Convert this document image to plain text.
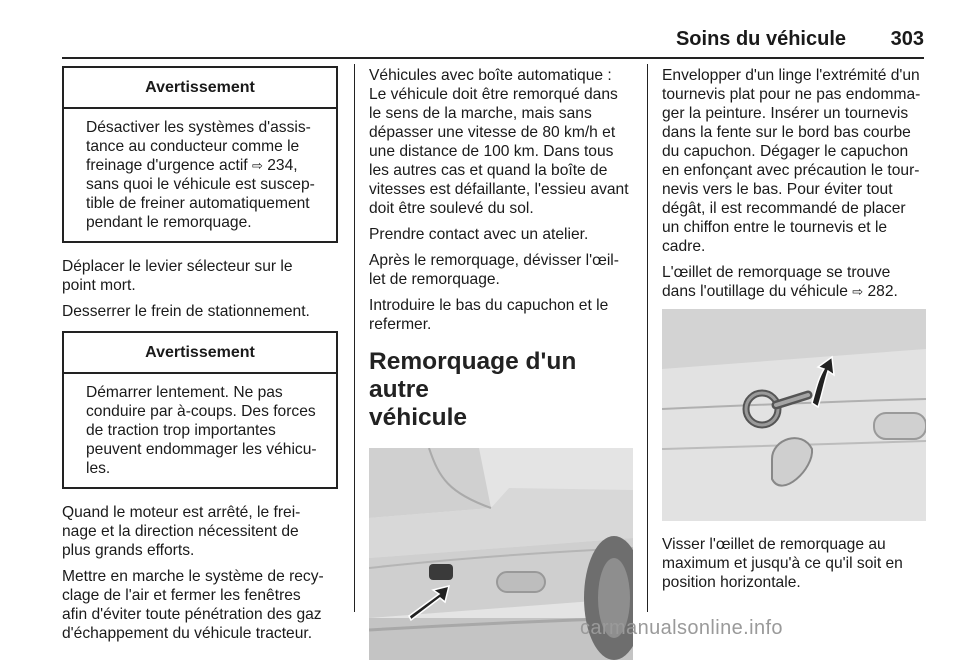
Soins du véhicule 303
Avertissement
Désactiver les systèmes d'assis-
tance au conducteur comme le
freinage d'urgence actif ⇨ 234,
sans quoi le véhicule est suscep-
tible de freiner automatiquement
pendant le remorquage.

Déplacer le levier sélecteur sur le
point mort.

Desserrer le frein de stationnement.

Avertissement
Démarrer lentement. Ne pas
conduire par à-coups. Des forces
de traction trop importantes
peuvent endommager les véhicu-
les.

Quand le moteur est arrêté, le frei-
nage et la direction nécessitent de
plus grands efforts.

Mettre en marche le système de recy-
clage de l'air et fermer les fenêtres
afin d'éviter toute pénétration des gaz
d'échappement du véhicule tracteur.

Véhicules avec boîte automatique :
Le véhicule doit être remorqué dans
le sens de la marche, mais sans
dépasser une vitesse de 80 km/h et
une distance de 100 km. Dans tous
les autres cas et quand la boîte de
vitesses est défaillante, l'essieu avant
doit être soulevé du sol.

Prendre contact avec un atelier.

Après le remorquage, dévisser l'œil-
let de remorquage.

Introduire le bas du capuchon et le
refermer.

Remorquage d'un autre
véhicule

Envelopper d'un linge l'extrémité d'un
tournevis plat pour ne pas endomma-
ger la peinture. Insérer un tournevis
dans la fente sur le bord bas courbe
du capuchon. Dégager le capuchon
en enfonçant avec précaution le tour-
nevis vers le bas. Pour éviter tout
dégât, il est recommandé de placer
un chiffon entre le tournevis et le
cadre.

L'œillet de remorquage se trouve
dans l'outillage du véhicule ⇨ 282.

Visser l'œillet de remorquage au
maximum et jusqu'à ce qu'il soit en
position horizontale.

carmanualsonline.info
